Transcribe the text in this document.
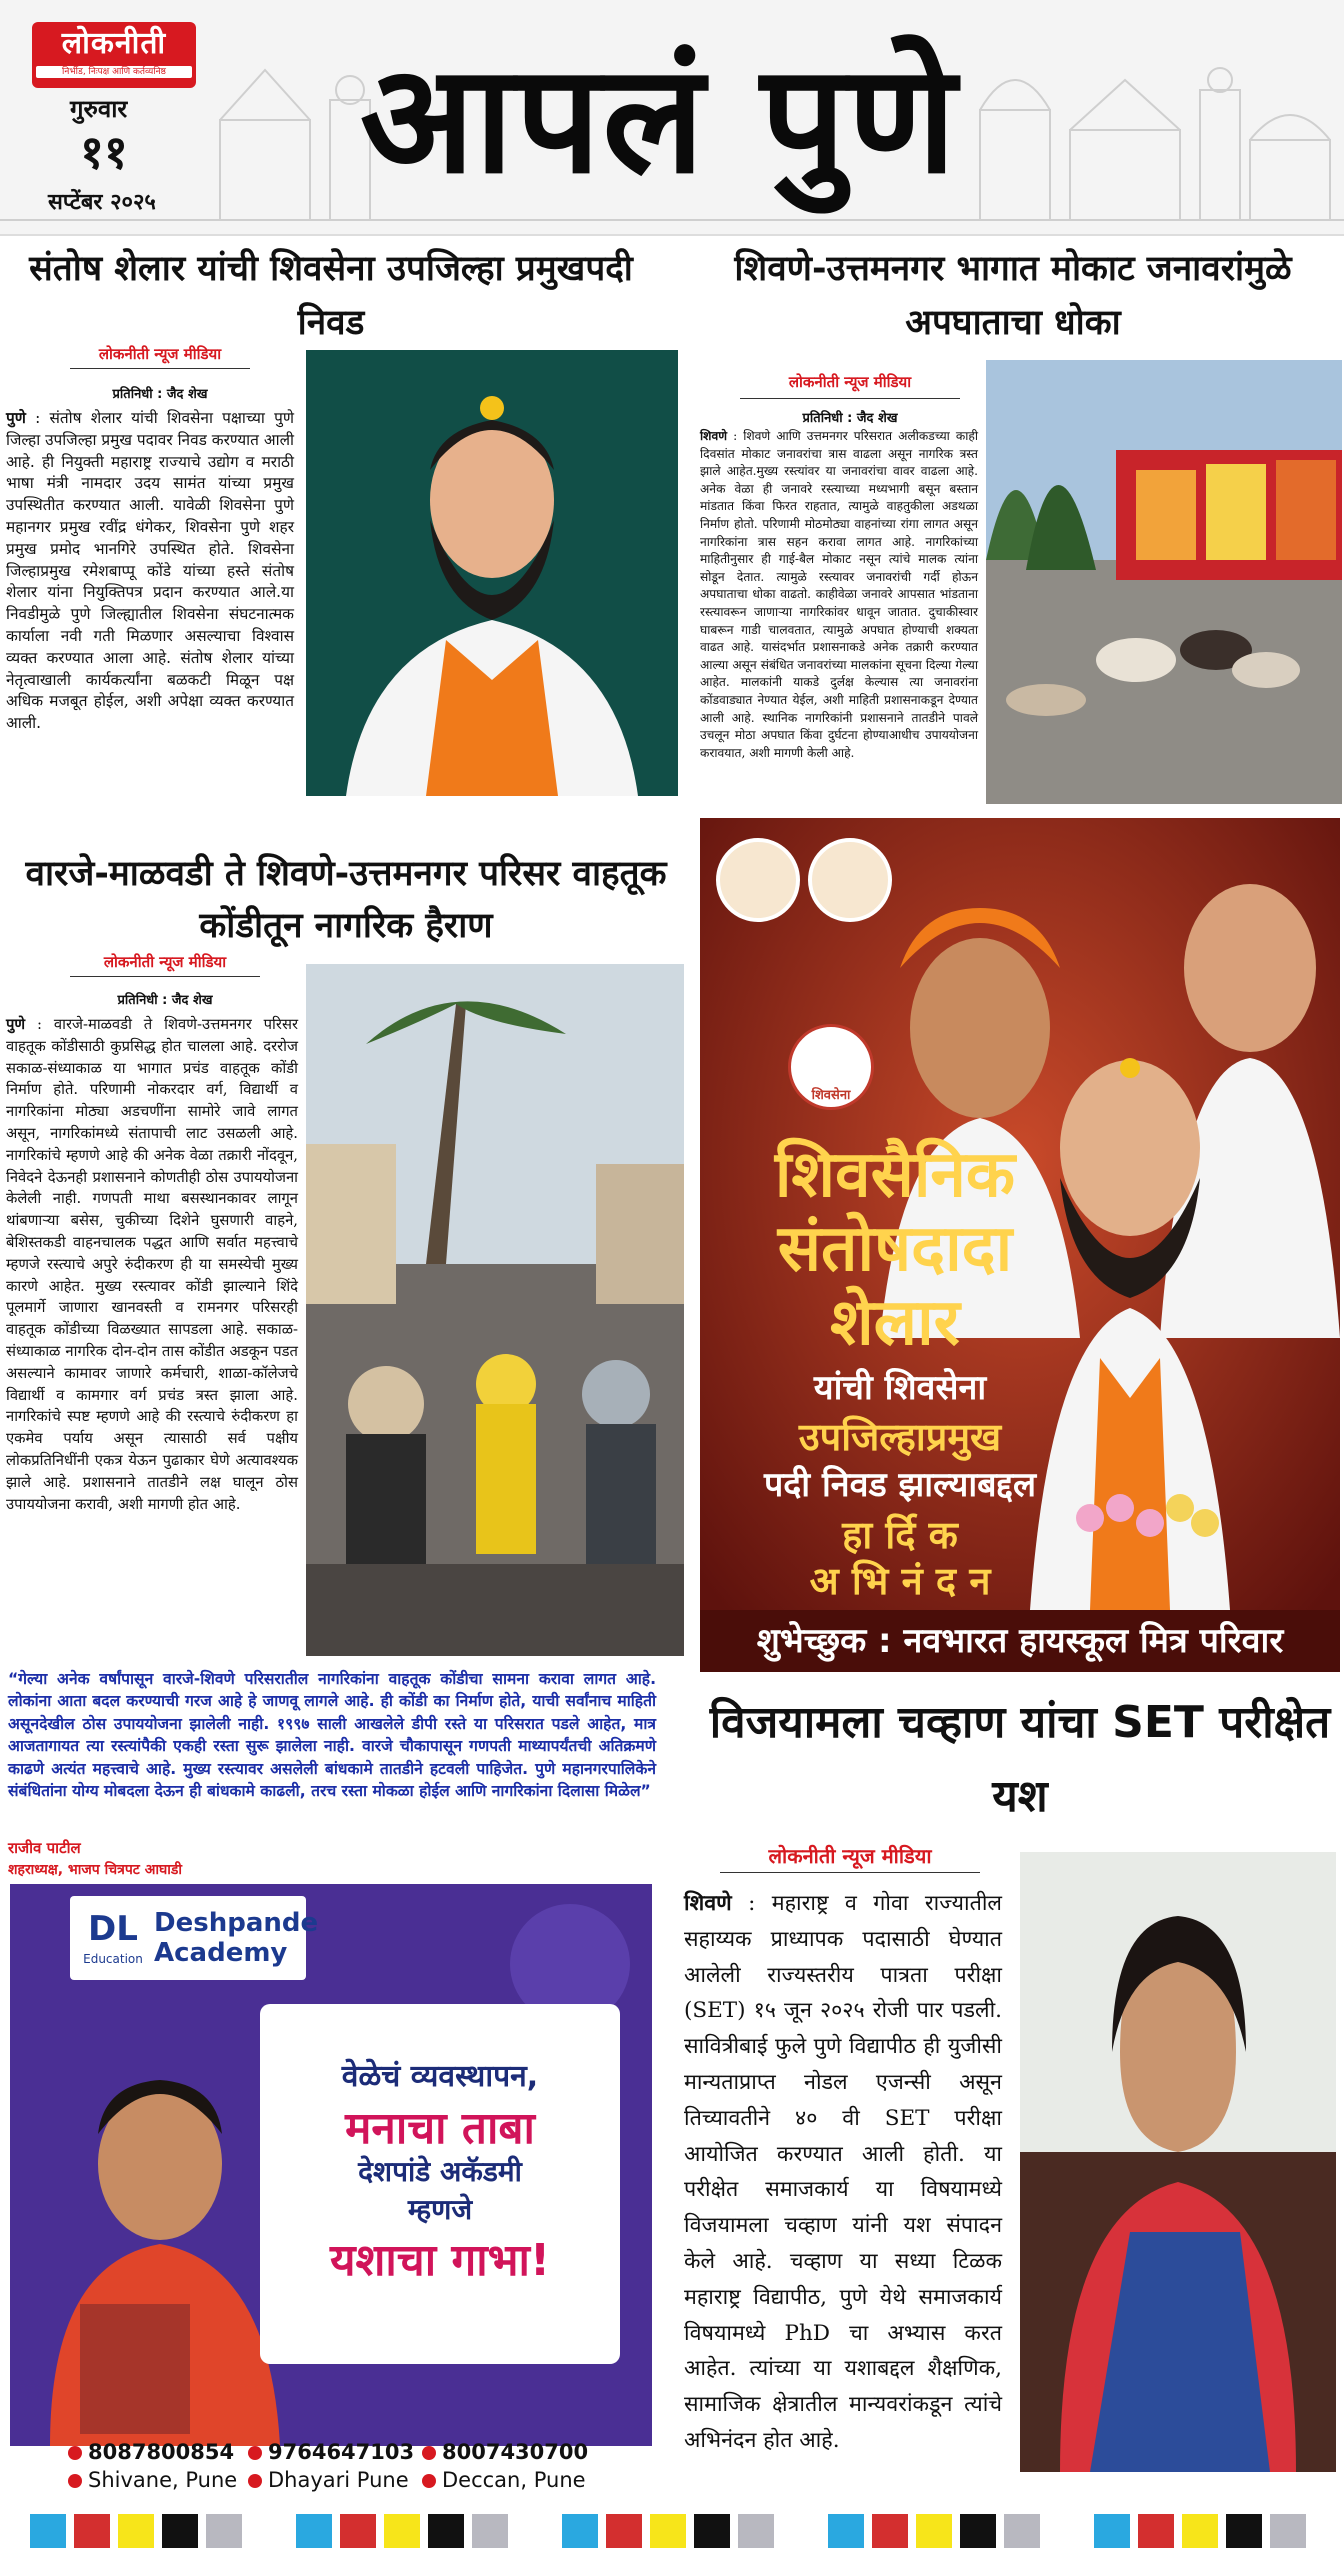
लोकनीती
निर्भीड, निःपक्ष आणि कर्तव्यनिष्ठ
गुरुवार
११
सप्टेंबर २०२५ आपलं पुणे
संतोष शेलार यांची शिवसेना उपजिल्हा प्रमुखपदी निवड
लोकनीती न्यूज मीडिया
प्रतिनिधी : जैद शेख
पुणे : संतोष शेलार यांची शिवसेना पक्षाच्या पुणे जिल्हा उपजिल्हा प्रमुख पदावर निवड करण्यात आली आहे. ही नियुक्ती महाराष्ट्र राज्याचे उद्योग व मराठी भाषा मंत्री नामदार उदय सामंत यांच्या प्रमुख उपस्थितीत करण्यात आली. यावेळी शिवसेना पुणे महानगर प्रमुख रवींद्र धंगेकर, शिवसेना पुणे शहर प्रमुख प्रमोद भानगिरे उपस्थित होते. शिवसेना जिल्हाप्रमुख रमेशबाप्पू कोंडे यांच्या हस्ते संतोष शेलार यांना नियुक्तिपत्र प्रदान करण्यात आले.या निवडीमुळे पुणे जिल्ह्यातील शिवसेना संघटनात्मक कार्याला नवी गती मिळणार असल्याचा विश्वास व्यक्त करण्यात आला आहे. संतोष शेलार यांच्या नेतृत्वाखाली कार्यकर्त्यांना बळकटी मिळून पक्ष अधिक मजबूत होईल, अशी अपेक्षा व्यक्त करण्यात आली.
शिवणे-उत्तमनगर भागात मोकाट जनावरांमुळे अपघाताचा धोका
लोकनीती न्यूज मीडिया
प्रतिनिधी : जैद शेख
शिवणे : शिवणे आणि उत्तमनगर परिसरात अलीकडच्या काही दिवसांत मोकाट जनावरांचा त्रास वाढला असून नागरिक त्रस्त झाले आहेत.मुख्य रस्त्यांवर या जनावरांचा वावर वाढला आहे. अनेक वेळा ही जनावरे रस्त्याच्या मध्यभागी बसून बस्तान मांडतात किंवा फिरत राहतात, त्यामुळे वाहतुकीला अडथळा निर्माण होतो. परिणामी मोठमोठ्या वाहनांच्या रांगा लागत असून नागरिकांना त्रास सहन करावा लागत आहे. नागरिकांच्या माहितीनुसार ही गाई-बैल मोकाट नसून त्यांचे मालक त्यांना सोडून देतात. त्यामुळे रस्त्यावर जनावरांची गर्दी होऊन अपघाताचा धोका वाढतो. काहीवेळा जनावरे आपसात भांडताना रस्त्यावरून जाणाऱ्या नागरिकांवर धावून जातात. दुचाकीस्वार घाबरून गाडी चालवतात, त्यामुळे अपघात होण्याची शक्यता वाढत आहे. यासंदर्भात प्रशासनाकडे अनेक तक्रारी करण्यात आल्या असून संबंधित जनावरांच्या मालकांना सूचना दिल्या गेल्या आहेत. मालकांनी याकडे दुर्लक्ष केल्यास त्या जनावरांना कोंडवाड्यात नेण्यात येईल, अशी माहिती प्रशासनाकडून देण्यात आली आहे. स्थानिक नागरिकांनी प्रशासनाने तातडीने पावले उचलून मोठा अपघात किंवा दुर्घटना होण्याआधीच उपाययोजना करावयात, अशी मागणी केली आहे.
वारजे-माळवडी ते शिवणे-उत्तमनगर परिसर वाहतूक कोंडीतून नागरिक हैराण
लोकनीती न्यूज मीडिया
प्रतिनिधी : जैद शेख
पुणे : वारजे-माळवडी ते शिवणे-उत्तमनगर परिसर वाहतूक कोंडीसाठी कुप्रसिद्ध होत चालला आहे. दररोज सकाळ-संध्याकाळ या भागात प्रचंड वाहतूक कोंडी निर्माण होते. परिणामी नोकरदार वर्ग, विद्यार्थी व नागरिकांना मोठ्या अडचणींना सामोरे जावे लागत असून, नागरिकांमध्ये संतापाची लाट उसळली आहे. नागरिकांचे म्हणणे आहे की अनेक वेळा तक्रारी नोंदवून, निवेदने देऊनही प्रशासनाने कोणतीही ठोस उपाययोजना केलेली नाही. गणपती माथा बसस्थानकावर लागून थांबणाऱ्या बसेस, चुकीच्या दिशेने घुसणारी वाहने, बेशिस्तकडी वाहनचालक पद्धत आणि सर्वात महत्त्वाचे म्हणजे रस्त्याचे अपुरे रुंदीकरण ही या समस्येची मुख्य कारणे आहेत. मुख्य रस्त्यावर कोंडी झाल्याने शिंदे पूलमार्गे जाणारा खानवस्ती व रामनगर परिसरही वाहतूक कोंडीच्या विळख्यात सापडला आहे. सकाळ-संध्याकाळ नागरिक दोन-दोन तास कोंडीत अडकून पडत असल्याने कामावर जाणारे कर्मचारी, शाळा-कॉलेजचे विद्यार्थी व कामगार वर्ग प्रचंड त्रस्त झाला आहे. नागरिकांचे स्पष्ट म्हणणे आहे की रस्त्याचे रुंदीकरण हा एकमेव पर्याय असून त्यासाठी सर्व पक्षीय लोकप्रतिनिधींनी एकत्र येऊन पुढाकार घेणे अत्यावश्यक झाले आहे. प्रशासनाने तातडीने लक्ष घालून ठोस उपाययोजना करावी, अशी मागणी होत आहे.
“गेल्या अनेक वर्षांपासून वारजे-शिवणे परिसरातील नागरिकांना वाहतूक कोंडीचा सामना करावा लागत आहे. लोकांना आता बदल करण्याची गरज आहे हे जाणवू लागले आहे. ही कोंडी का निर्माण होते, याची सर्वांनाच माहिती असूनदेखील ठोस उपाययोजना झालेली नाही. १९९७ साली आखलेले डीपी रस्ते या परिसरात पडले आहेत, मात्र आजतागायत त्या रस्त्यांपैकी एकही रस्ता सुरू झालेला नाही. वारजे चौकापासून गणपती माथ्यापर्यंतची अतिक्रमणे काढणे अत्यंत महत्त्वाचे आहे. मुख्य रस्त्यावर असलेली बांधकामे तातडीने हटवली पाहिजेत. पुणे महानगरपालिकेने संबंधितांना योग्य मोबदला देऊन ही बांधकामे काढली, तरच रस्ता मोकळा होईल आणि नागरिकांना दिलासा मिळेल”
राजीव पाटील
शहराध्यक्ष, भाजप चित्रपट आघाडी
शिवसेना
शिवसैनिक संतोषदादा शेलार
यांची शिवसेना
उपजिल्हाप्रमुख
पदी निवड झाल्याबद्दल
हा र्दि क
अ भि नं द न
शुभेच्छुक : नवभारत हायस्कूल मित्र परिवार
विजयामला चव्हाण यांचा SET परीक्षेत यश
लोकनीती न्यूज मीडिया
शिवणे : महाराष्ट्र व गोवा राज्यातील सहाय्यक प्राध्यापक पदासाठी घेण्यात आलेली राज्यस्तरीय पात्रता परीक्षा (SET) १५ जून २०२५ रोजी पार पडली. सावित्रीबाई फुले पुणे विद्यापीठ ही युजीसी मान्यताप्राप्त नोडल एजन्सी असून तिच्यावतीने ४० वी SET परीक्षा आयोजित करण्यात आली होती. या परीक्षेत समाजकार्य या विषयामध्ये विजयामला चव्हाण यांनी यश संपादन केले आहे. चव्हाण या सध्या टिळक महाराष्ट्र विद्यापीठ, पुणे येथे समाजकार्य विषयामध्ये PhD चा अभ्यास करत आहेत. त्यांच्या या यशाबद्दल शैक्षणिक, सामाजिक क्षेत्रातील मान्यवरांकडून त्यांचे अभिनंदन होत आहे.
DL
Education
Deshpande Academy
वेळेचं व्यवस्थापन,
मनाचा ताबा
देशपांडे अकॅडमी
म्हणजे
यशाचा गाभा!
8087800854	9764647103	8007430700
Shivane, Pune	Dhayari Pune	Deccan, Pune
